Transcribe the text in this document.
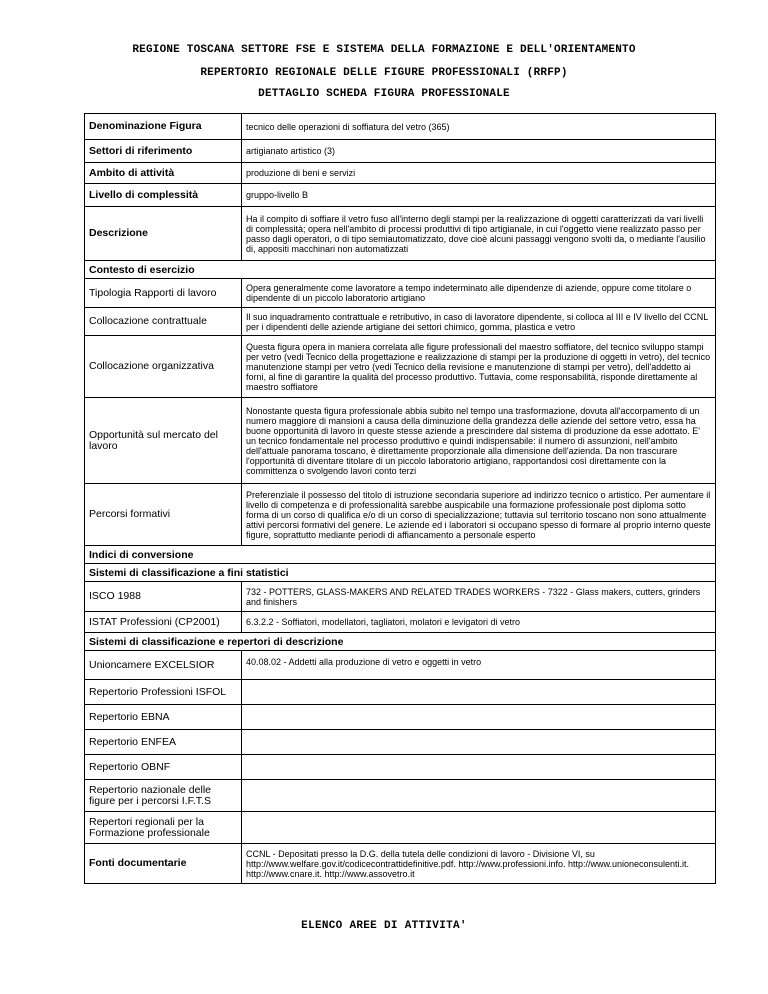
REGIONE TOSCANA SETTORE FSE E SISTEMA DELLA FORMAZIONE E DELL'ORIENTAMENTO
REPERTORIO REGIONALE DELLE FIGURE PROFESSIONALI (RRFP)
DETTAGLIO SCHEDA FIGURA PROFESSIONALE
Denominazione Figura	tecnico delle operazioni di soffiatura del vetro (365)
Settori di riferimento	artigianato artistico (3)
Ambito di attività	produzione di beni e servizi
Livello di complessità	gruppo-livello B
Descrizione	Ha il compito di soffiare il vetro fuso all'interno degli stampi per la realizzazione di oggetti caratterizzati da vari livelli di complessità; opera nell'ambito di processi produttivi di tipo artigianale, in cui l'oggetto viene realizzato passo per passo dagli operatori, o di tipo semiautomatizzato, dove cioè alcuni passaggi vengono svolti da, o mediante l'ausilio di, appositi macchinari non automatizzati
Contesto di esercizio	
Tipologia Rapporti di lavoro	Opera generalmente come lavoratore a tempo indeterminato alle dipendenze di aziende, oppure come titolare o dipendente di un piccolo laboratorio artigiano
Collocazione contrattuale	Il suo inquadramento contrattuale e retributivo, in caso di lavoratore dipendente, si colloca al III e IV livello del CCNL per i dipendenti delle aziende artigiane dei settori chimico, gomma, plastica e vetro
Collocazione organizzativa	Questa figura opera in maniera correlata alle figure professionali del maestro soffiatore, del tecnico sviluppo stampi per vetro (vedi Tecnico della progettazione e realizzazione di stampi per la produzione di oggetti in vetro), del tecnico manutenzione stampi per vetro (vedi Tecnico della revisione e manutenzione di stampi per vetro), dell'addetto ai forni, al fine di garantire la qualità del processo produttivo. Tuttavia, come responsabilità, risponde direttamente al maestro soffiatore
Opportunità sul mercato del lavoro	Nonostante questa figura professionale abbia subito nel tempo una trasformazione, dovuta all'accorpamento di un numero maggiore di mansioni a causa della diminuzione della grandezza delle aziende del settore vetro, essa ha buone opportunità di lavoro in queste stesse aziende a prescindere dal sistema di produzione da esse adottato. E' un tecnico fondamentale nel processo produttivo e quindi indispensabile: il numero di assunzioni, nell'ambito dell'attuale panorama toscano, è direttamente proporzionale alla dimensione dell'azienda. Da non trascurare l'opportunità di diventare titolare di un piccolo laboratorio artigiano, rapportandosi così direttamente con la committenza o svolgendo lavori conto terzi
Percorsi formativi	Preferenziale il possesso del titolo di istruzione secondaria superiore ad indirizzo tecnico o artistico. Per aumentare il livello di competenza e di professionalità sarebbe auspicabile una formazione professionale post diploma sotto forma di un corso di qualifica e/o di un corso di specializzazione; tuttavia sul territorio toscano non sono attualmente attivi percorsi formativi del genere. Le aziende ed i laboratori si occupano spesso di formare al proprio interno queste figure, soprattutto mediante periodi di affiancamento a personale esperto
Indici di conversione	
Sistemi di classificazione a fini statistici	
ISCO 1988	732 - POTTERS, GLASS-MAKERS AND RELATED TRADES WORKERS - 7322 - Glass makers, cutters, grinders and finishers
ISTAT Professioni (CP2001)	6.3.2.2 - Soffiatori, modellatori, tagliatori, molatori e levigatori di vetro
Sistemi di classificazione e repertori di descrizione	
Unioncamere EXCELSIOR	40.08.02 - Addetti alla produzione di vetro e oggetti in vetro
Repertorio Professioni ISFOL	
Repertorio EBNA	
Repertorio ENFEA	
Repertorio OBNF	
Repertorio nazionale delle figure per i percorsi I.F.T.S	
Repertori regionali per la Formazione professionale	
Fonti documentarie	CCNL - Depositati presso la D.G. della tutela delle condizioni di lavoro - Divisione VI, su http://www.welfare.gov.it/codicecontrattidefinitive.pdf. http://www.professioni.info. http://www.unioneconsulenti.it. http://www.cnare.it. http://www.assovetro.it
ELENCO AREE DI ATTIVITA'
